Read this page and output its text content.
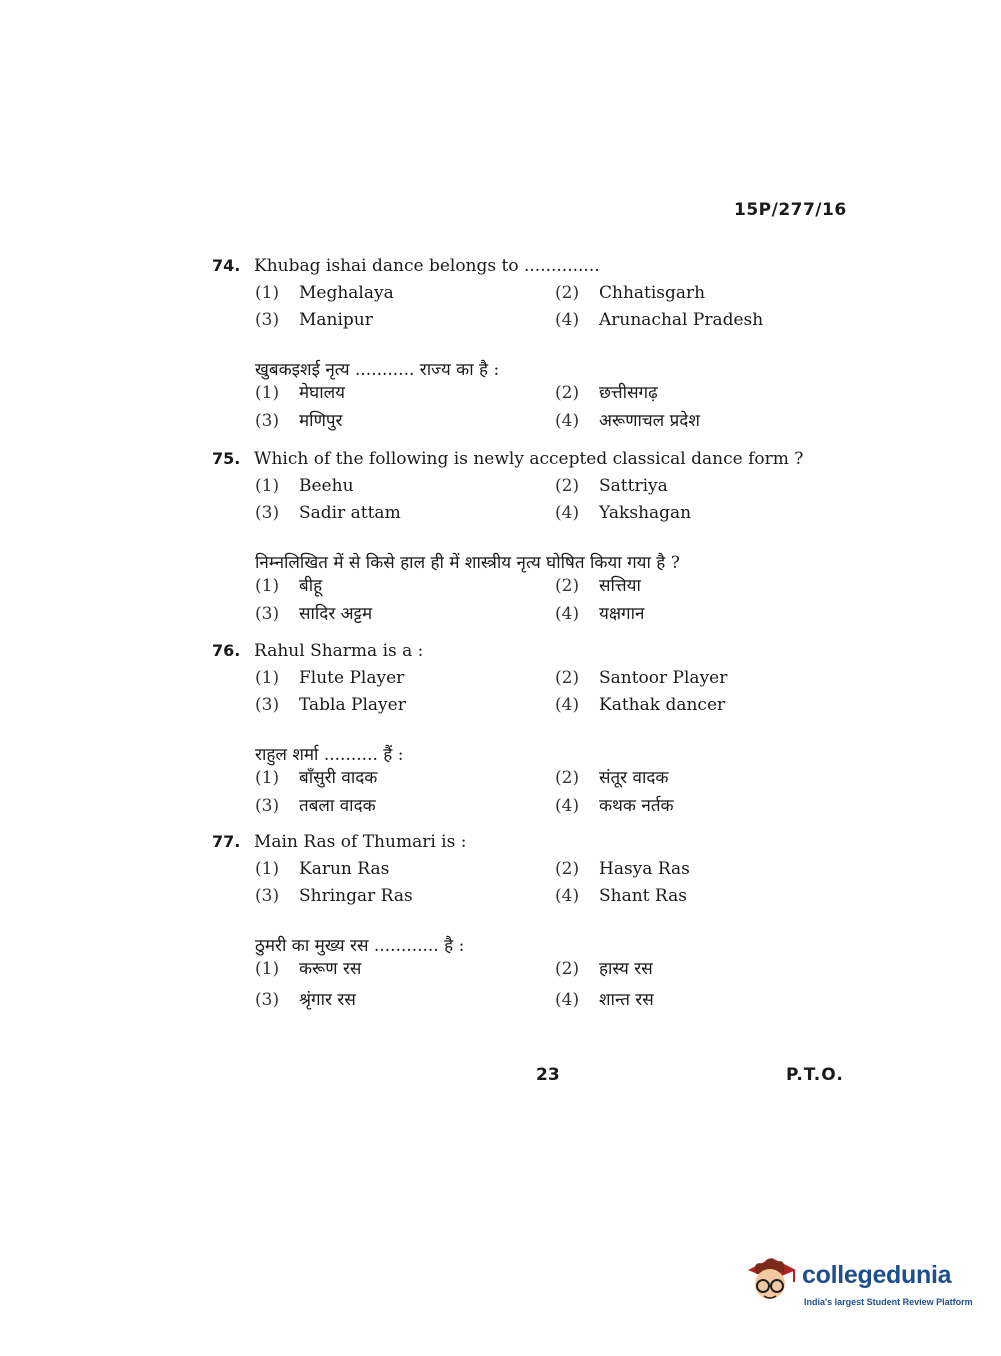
15P/277/16
74. Khubag ishai dance belongs to ..............
(1)	Meghalaya	(2)	Chhatisgarh
(3)	Manipur	(4)	Arunachal Pradesh
खुबकइशई नृत्य ........... राज्य का है :
(1)	मेघालय	(2)	छत्तीसगढ़
(3)	मणिपुर	(4)	अरूणाचल प्रदेश
75. Which of the following is newly accepted classical dance form ?
(1)	Beehu	(2)	Sattriya
(3)	Sadir attam	(4)	Yakshagan
निम्नलिखित में से किसे हाल ही में शास्त्रीय नृत्य घोषित किया गया है ?
(1)	बीहू	(2)	सत्तिया
(3)	सादिर अट्टम	(4)	यक्षगान
76. Rahul Sharma is a :
(1)	Flute Player	(2)	Santoor Player
(3)	Tabla Player	(4)	Kathak dancer
राहुल शर्मा .......... हैं :
(1)	बाँसुरी वादक	(2)	संतूर वादक
(3)	तबला वादक	(4)	कथक नर्तक
77. Main Ras of Thumari is :
(1)	Karun Ras	(2)	Hasya Ras
(3)	Shringar Ras	(4)	Shant Ras
ठुमरी का मुख्य रस ............ है :
(1)	करूण रस	(2)	हास्य रस
(3)	श्रृंगार रस	(4)	शान्त रस
23	P.T.O.
collegedunia
India's largest Student Review Platform
